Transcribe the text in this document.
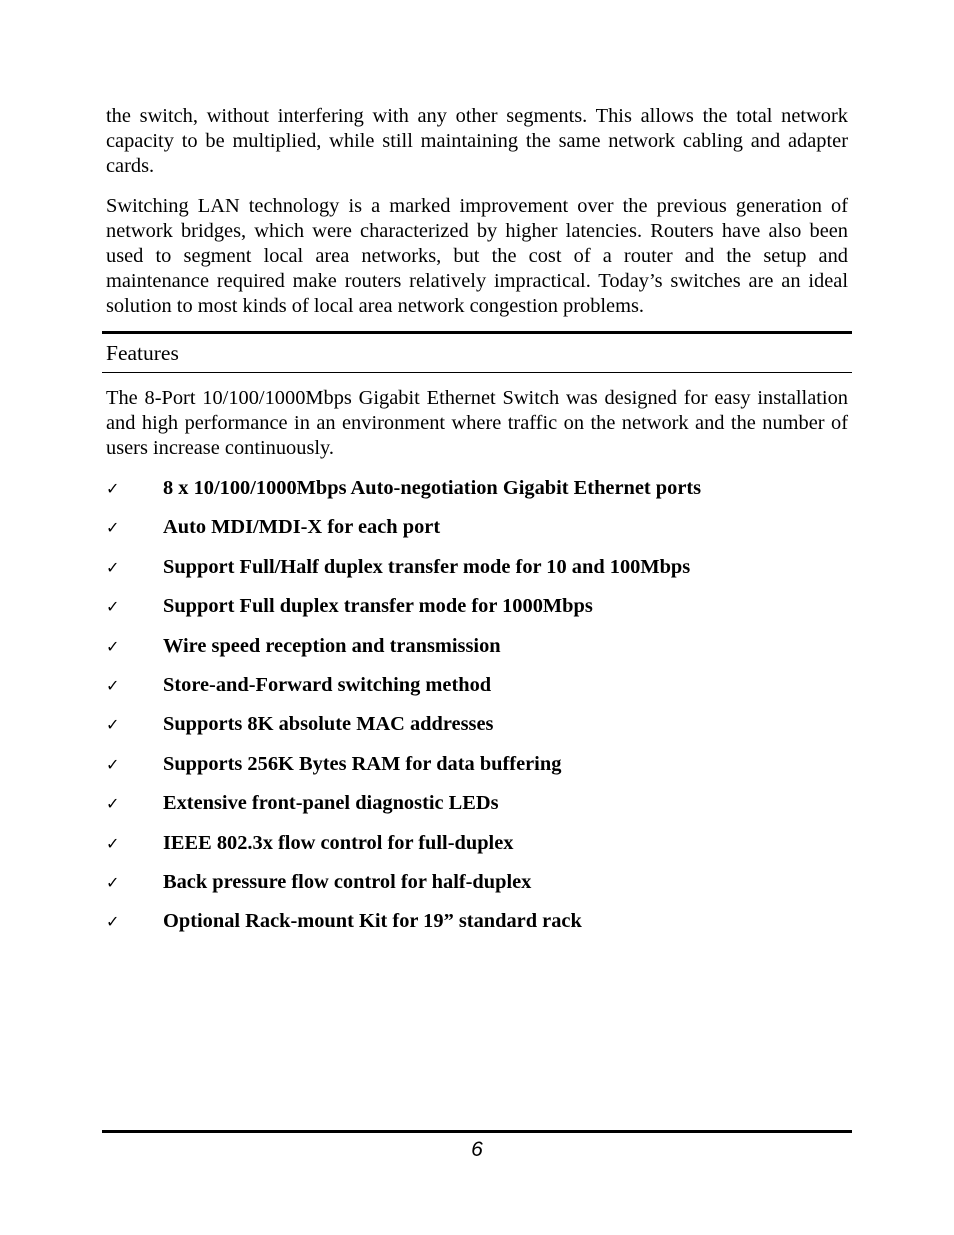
the switch, without interfering with any other segments. This allows the total network capacity to be multiplied, while still maintaining the same network cabling and adapter cards.

Switching LAN technology is a marked improvement over the previous generation of network bridges, which were characterized by higher latencies. Routers have also been used to segment local area networks, but the cost of a router and the setup and maintenance required make routers relatively impractical. Today’s switches are an ideal solution to most kinds of local area network congestion problems.

Features

The 8-Port 10/100/1000Mbps Gigabit Ethernet Switch was designed for easy installation and high performance in an environment where traffic on the network and the number of users increase continuously.

✓ 8 x 10/100/1000Mbps Auto-negotiation Gigabit Ethernet ports
✓ Auto MDI/MDI-X for each port
✓ Support Full/Half duplex transfer mode for 10 and 100Mbps
✓ Support Full duplex transfer mode for 1000Mbps
✓ Wire speed reception and transmission
✓ Store-and-Forward switching method
✓ Supports 8K absolute MAC addresses
✓ Supports 256K Bytes RAM for data buffering
✓ Extensive front-panel diagnostic LEDs
✓ IEEE 802.3x flow control for full-duplex
✓ Back pressure flow control for half-duplex
✓ Optional Rack-mount Kit for 19” standard rack

6
